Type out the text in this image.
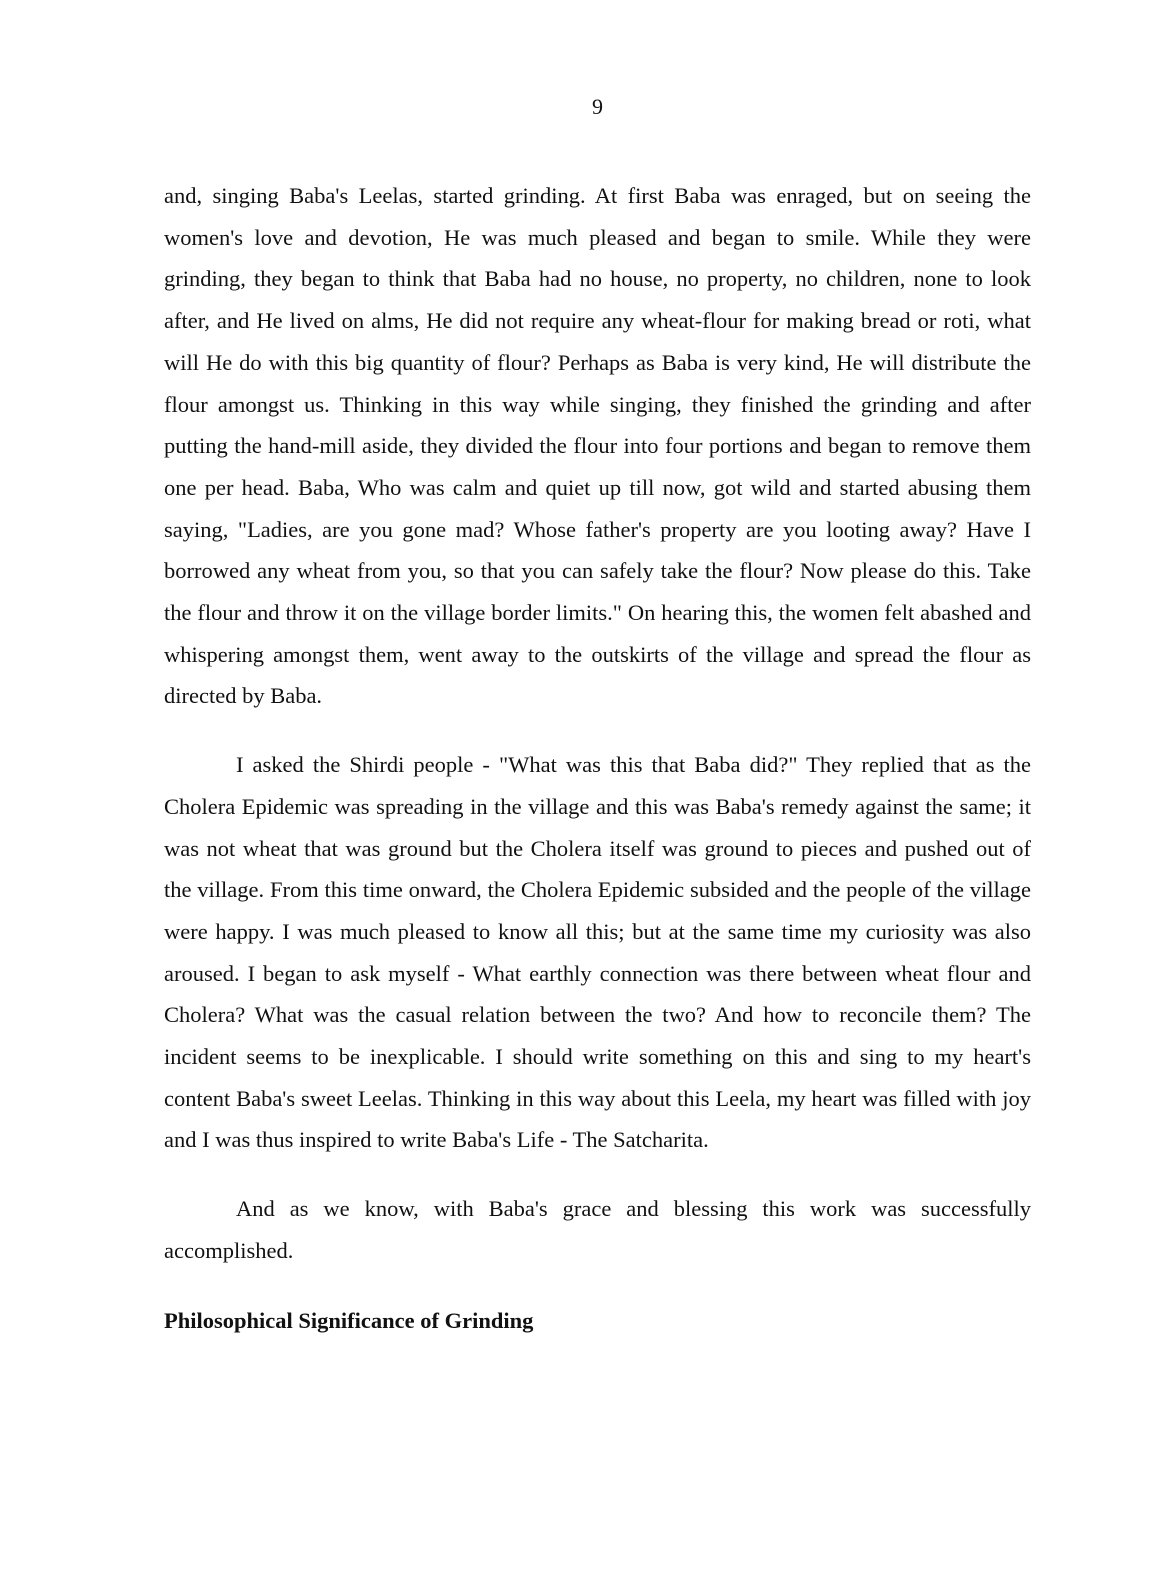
9

and, singing Baba's Leelas, started grinding. At first Baba was enraged, but on seeing the women's love and devotion, He was much pleased and began to smile. While they were grinding, they began to think that Baba had no house, no property, no children, none to look after, and He lived on alms, He did not require any wheat-flour for making bread or roti, what will He do with this big quantity of flour? Perhaps as Baba is very kind, He will distribute the flour amongst us. Thinking in this way while singing, they finished the grinding and after putting the hand-mill aside, they divided the flour into four portions and began to remove them one per head. Baba, Who was calm and quiet up till now, got wild and started abusing them saying, "Ladies, are you gone mad? Whose father's property are you looting away? Have I borrowed any wheat from you, so that you can safely take the flour? Now please do this. Take the flour and throw it on the village border limits." On hearing this, the women felt abashed and whispering amongst them, went away to the outskirts of the village and spread the flour as directed by Baba.

I asked the Shirdi people - "What was this that Baba did?" They replied that as the Cholera Epidemic was spreading in the village and this was Baba's remedy against the same; it was not wheat that was ground but the Cholera itself was ground to pieces and pushed out of the village. From this time onward, the Cholera Epidemic subsided and the people of the village were happy. I was much pleased to know all this; but at the same time my curiosity was also aroused. I began to ask myself - What earthly connection was there between wheat flour and Cholera? What was the casual relation between the two? And how to reconcile them? The incident seems to be inexplicable. I should write something on this and sing to my heart's content Baba's sweet Leelas. Thinking in this way about this Leela, my heart was filled with joy and I was thus inspired to write Baba's Life - The Satcharita.

And as we know, with Baba's grace and blessing this work was successfully accomplished.

Philosophical Significance of Grinding
